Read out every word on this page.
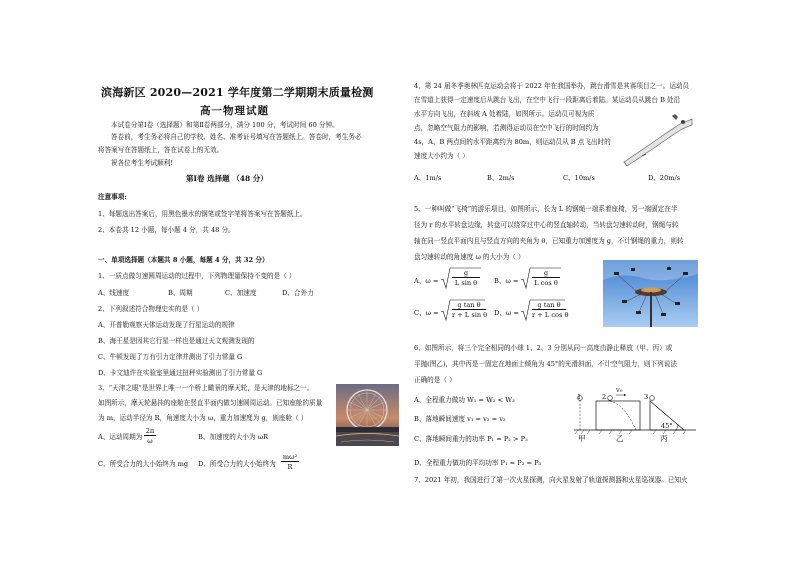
滨海新区 2020—2021 学年度第二学期期末质量检测
高一物理试题
本试卷分第Ⅰ卷（选择题）和第Ⅱ卷两部分，满分 100 分，考试时间 60 分钟。
答卷前，考生务必将自己的学校、姓名、准考证号填写在答题纸上。答卷时，考生务必
将答案写在答题纸上，答在试卷上的无效。
祝各位考生考试顺利!
第Ⅰ卷 选择题 （48 分）
注意事项:
1、每题选出答案后，用黑色墨水的钢笔或签字笔将答案写在答题纸上。
2、本卷共 12 小题，每小题 4 分，共 48 分。
一、单项选择题（本题共 8 小题，每题 4 分，共 32 分）
1、一质点做匀速圆周运动的过程中，下列物理量保持不变的是（ ）
A、线速度	B、周期	C、加速度	D、合外力
2、下列叙述符合物理史实的是（ ）
A、开普勒观察天体运动发现了行星运动的规律
B、海王星是因其它行星一样也是通过天文观测发现的
C、牛顿发现了万有引力定律并测出了引力常量 G
D、卡文迪许在实验室里通过扭秤实验测出了引力常量 G
3、“天津之眼”是世界上唯一一个桥上瞰景的摩天轮，是天津的地标之一。
如图所示，摩天轮悬挂的座舱在竖直平面内做匀速圆周运动。已知座舱的质量
为 m，运动半径为 R，角速度大小为 ω，重力加速度为 g，则座舱（ ）
A、运动周期为
2π
ω	B、加速度的大小为 ωR
C、所受合力的大小始终为 mg D、所受合力的大小始终为
mω²
R
4、第 24 届冬季奥林匹克运动会将于 2022 年在我国举办，跳台滑雪是其赛项目之一。运动员
在雪道上获得一定速度后从跳台飞出，在空中飞行一段距离后着陆。某运动员从跳台 B 处沿
水平方向飞出，在斜坡 A 处着陆，如图所示。运动员可视为质
点，忽略空气阻力的影响，若测得运动员在空中飞行的时间约为
4s，A、B 两点间的水平距离约为 80m，则运动员从 B 点飞出时的
速度大小约为（ ）
A、1m/s	B、2m/s	C、10m/s	D、20m/s
5、一种叫做“飞椅”的游乐项目，如图所示，长为 L 的钢绳一端系着座椅，另一端固定在半
径为 r 的水平转盘边缘，转盘可以绕穿过中心的竖直轴转动，当转盘匀速转动时，钢绳与转
轴在同一竖直平面内且与竖直方向的夹角为 θ，已知重力加速度为 g，不计钢绳的重力，则转
盘匀速转动的角速度 ω 的大小为（ ）
A、ω =
g
L sin θ	B、ω =
g
L cos θ
C、ω =
g tan θ
r + L sin θ D、ω =
g tan θ
r + L cos θ
6、如图所示，将三个完全相同的小球 1、2、3 分别从同一高度由静止释放（甲、丙）或
平抛(图乙)，其中丙是一固定在地面上倾角为 45°的光滑斜面，不计空气阻力，则下列说法
正确的是（ ）
A、全程重力做功 W₁ = W₂ < W₃
B、落地瞬间速度 v₁ = v₂ = v₃
C、落地瞬间重力的功率 P₁ = P₂ > P₃
D、全程重力做功的平均功率 P₁ = P₂ = P₃
1	2	3
v₀
45°
甲	乙	丙
7、2021 年初，我国进行了第一次火星探测，向火星发射了轨道探测器和火星巡视器。已知火
